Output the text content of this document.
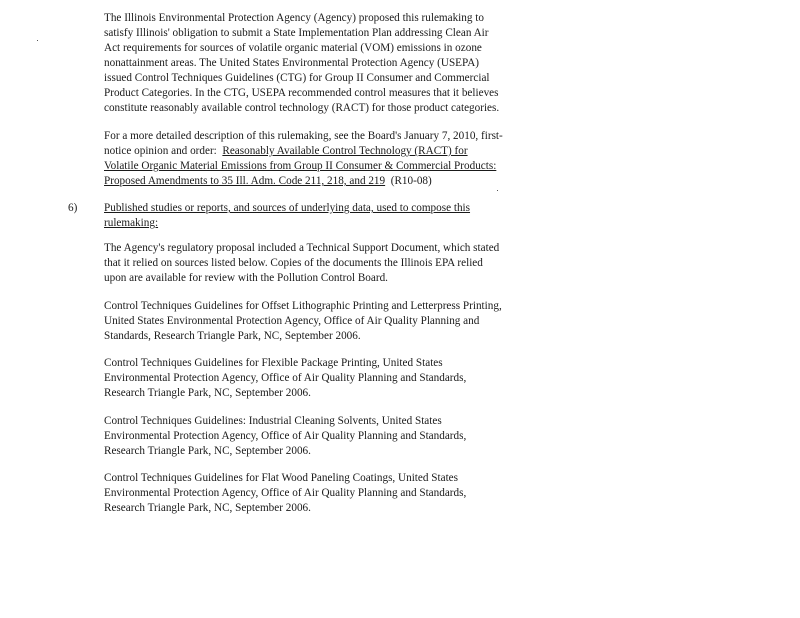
The Illinois Environmental Protection Agency (Agency) proposed this rulemaking to
satisfy Illinois' obligation to submit a State Implementation Plan addressing Clean Air
Act requirements for sources of volatile organic material (VOM) emissions in ozone
nonattainment areas. The United States Environmental Protection Agency (USEPA)
issued Control Techniques Guidelines (CTG) for Group II Consumer and Commercial
Product Categories. In the CTG, USEPA recommended control measures that it believes
constitute reasonably available control technology (RACT) for those product categories.

For a more detailed description of this rulemaking, see the Board's January 7, 2010, first-
notice opinion and order:  Reasonably Available Control Technology (RACT) for
Volatile Organic Material Emissions from Group II Consumer & Commercial Products:
Proposed Amendments to 35 Ill. Adm. Code 211, 218, and 219  (R10-08)

6) Published studies or reports, and sources of underlying data, used to compose this
rulemaking:

The Agency's regulatory proposal included a Technical Support Document, which stated
that it relied on sources listed below. Copies of the documents the Illinois EPA relied
upon are available for review with the Pollution Control Board.

Control Techniques Guidelines for Offset Lithographic Printing and Letterpress Printing,
United States Environmental Protection Agency, Office of Air Quality Planning and
Standards, Research Triangle Park, NC, September 2006.

Control Techniques Guidelines for Flexible Package Printing, United States
Environmental Protection Agency, Office of Air Quality Planning and Standards,
Research Triangle Park, NC, September 2006.

Control Techniques Guidelines: Industrial Cleaning Solvents, United States
Environmental Protection Agency, Office of Air Quality Planning and Standards,
Research Triangle Park, NC, September 2006.

Control Techniques Guidelines for Flat Wood Paneling Coatings, United States
Environmental Protection Agency, Office of Air Quality Planning and Standards,
Research Triangle Park, NC, September 2006.
